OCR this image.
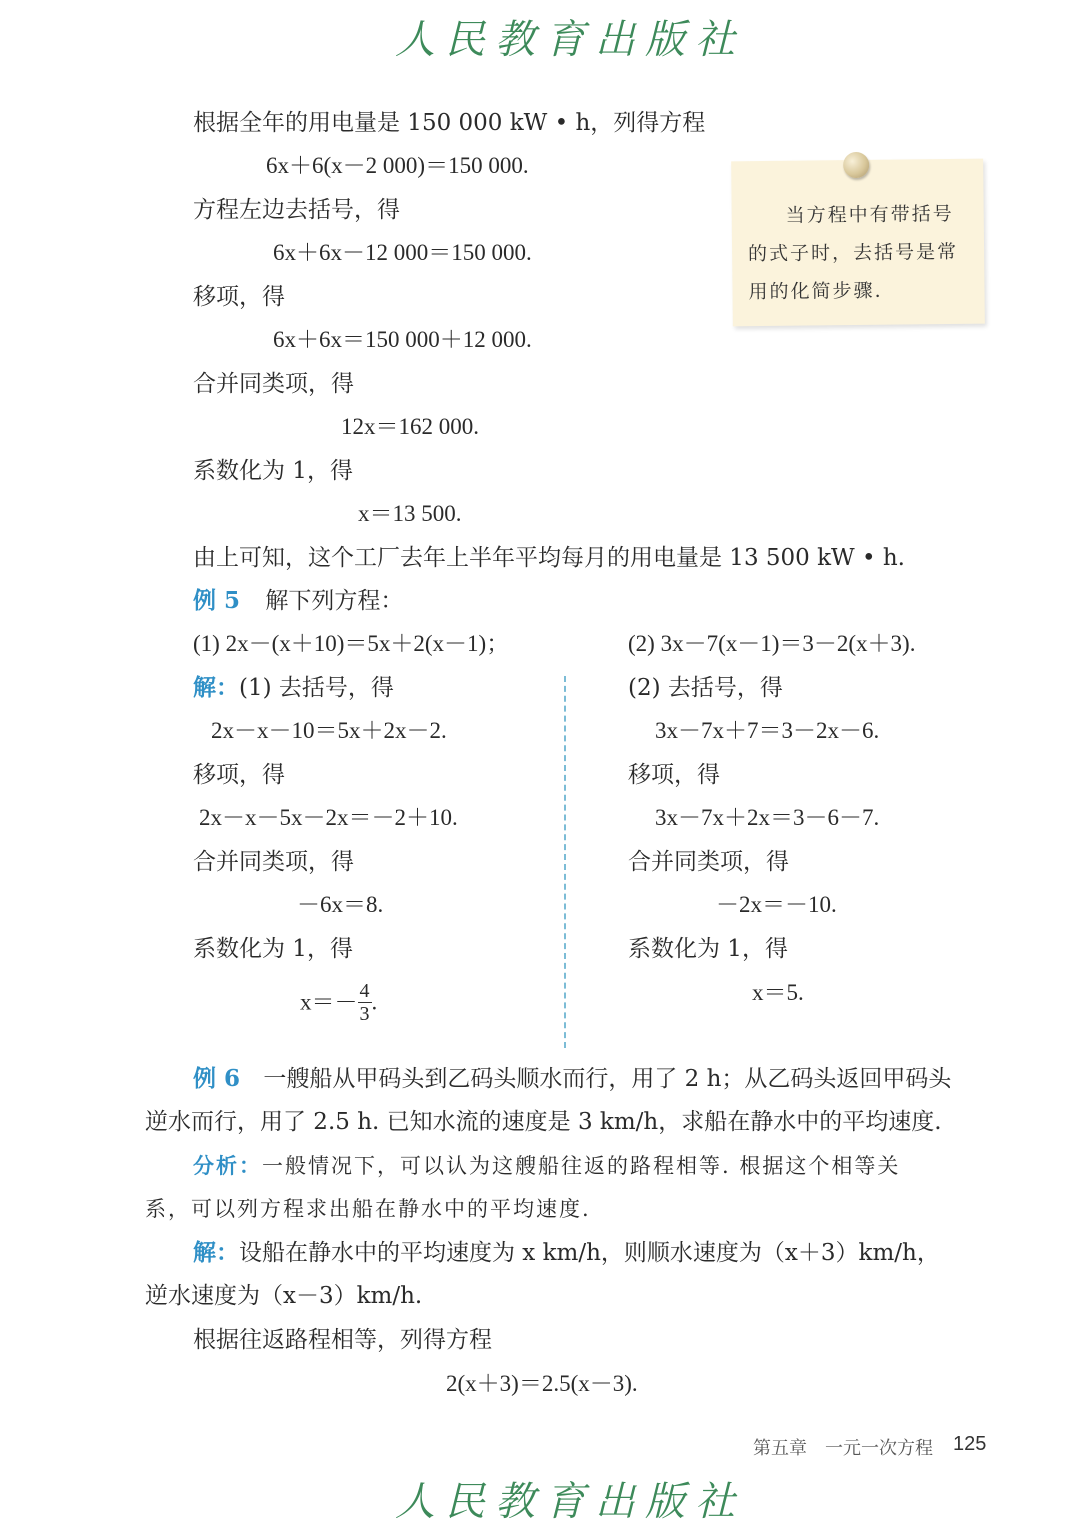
人民教育出版社
根据全年的用电量是 150 000 kW • h，列得方程
6x＋6(x－2 000)＝150 000.
方程左边去括号，得
6x＋6x－12 000＝150 000.
移项，得
6x＋6x＝150 000＋12 000.
合并同类项，得
12x＝162 000.
系数化为 1，得
x＝13 500.
由上可知，这个工厂去年上半年平均每月的用电量是 13 500 kW • h.
当方程中有带括号的式子时，去括号是常用的化简步骤.
例 5 解下列方程：
(1) 2x－(x＋10)＝5x＋2(x－1)；	(2) 3x－7(x－1)＝3－2(x＋3).
解：(1) 去括号，得
2x－x－10＝5x＋2x－2.
移项，得
2x－x－5x－2x＝－2＋10.
合并同类项，得
－6x＝8.
系数化为 1，得
$x=- \frac{4}{3}$ .
(2) 去括号，得
3x－7x＋7＝3－2x－6.
移项，得
3x－7x＋2x＝3－6－7.
合并同类项，得
－2x＝－10.
系数化为 1，得
x＝5.
例 6 一艘船从甲码头到乙码头顺水而行，用了 2 h；从乙码头返回甲码头
逆水而行，用了 2.5 h. 已知水流的速度是 3 km/h，求船在静水中的平均速度.
分析：一般情况下，可以认为这艘船往返的路程相等. 根据这个相等关
系，可以列方程求出船在静水中的平均速度.
解：设船在静水中的平均速度为 x km/h，则顺水速度为（x＋3）km/h，
逆水速度为（x－3）km/h.
根据往返路程相等，列得方程
2(x＋3)＝2.5(x－3).
第五章　一元一次方程 125
人民教育出版社
